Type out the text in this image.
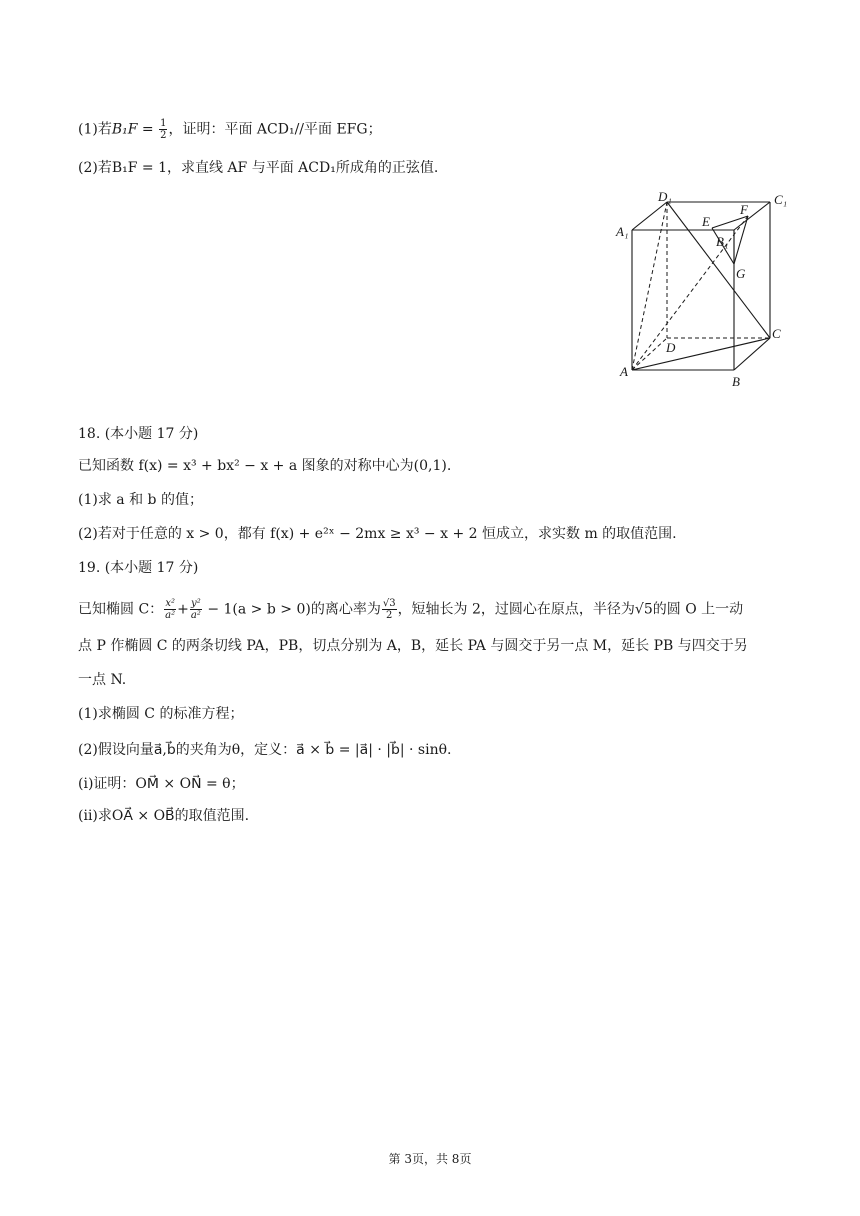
(1)若$B_1F = \frac{1}{2}$ ，证明：平面 ACD₁//平面 EFG；
(2)若B₁F = 1，求直线 AF 与平面 ACD₁所成角的正弦值.
D₁	C₁
A₁
B₁
E
F
G
A
B
C
D
18. (本小题 17 分)
已知函数 f(x) = x³ + bx² − x + a 图象的对称中心为(0,1).
(1)求 a 和 b 的值；
(2)若对于任意的 x > 0，都有 f(x) + e²ˣ − 2mx ≥ x³ − x + 2 恒成立，求实数 m 的取值范围.
19. (本小题 17 分)
已知椭圆 C： $\frac{\text{x²}}{\text{a²}} + \frac{\text{y²}}{\text{a²}} - 1(a > b > 0)$的离心率为 $\frac{√3}{2}$ ，短轴长为 2，过圆心在原点，半径为√5的圆 O 上一动
点 P 作椭圆 C 的两条切线 PA，PB，切点分别为 A，B，延长 PA 与圆交于另一点 M，延长 PB 与四交于另
一点 N.
(1)求椭圆 C 的标准方程；
(2)假设向量a⃗,b⃗的夹角为θ，定义：a⃗ × b⃗ = |a⃗| · |b⃗| · sinθ.
(ⅰ)证明：OM⃗ × ON⃗ = θ；
(ⅱ)求OA⃗ × OB⃗的取值范围.
第 3页，共 8页
